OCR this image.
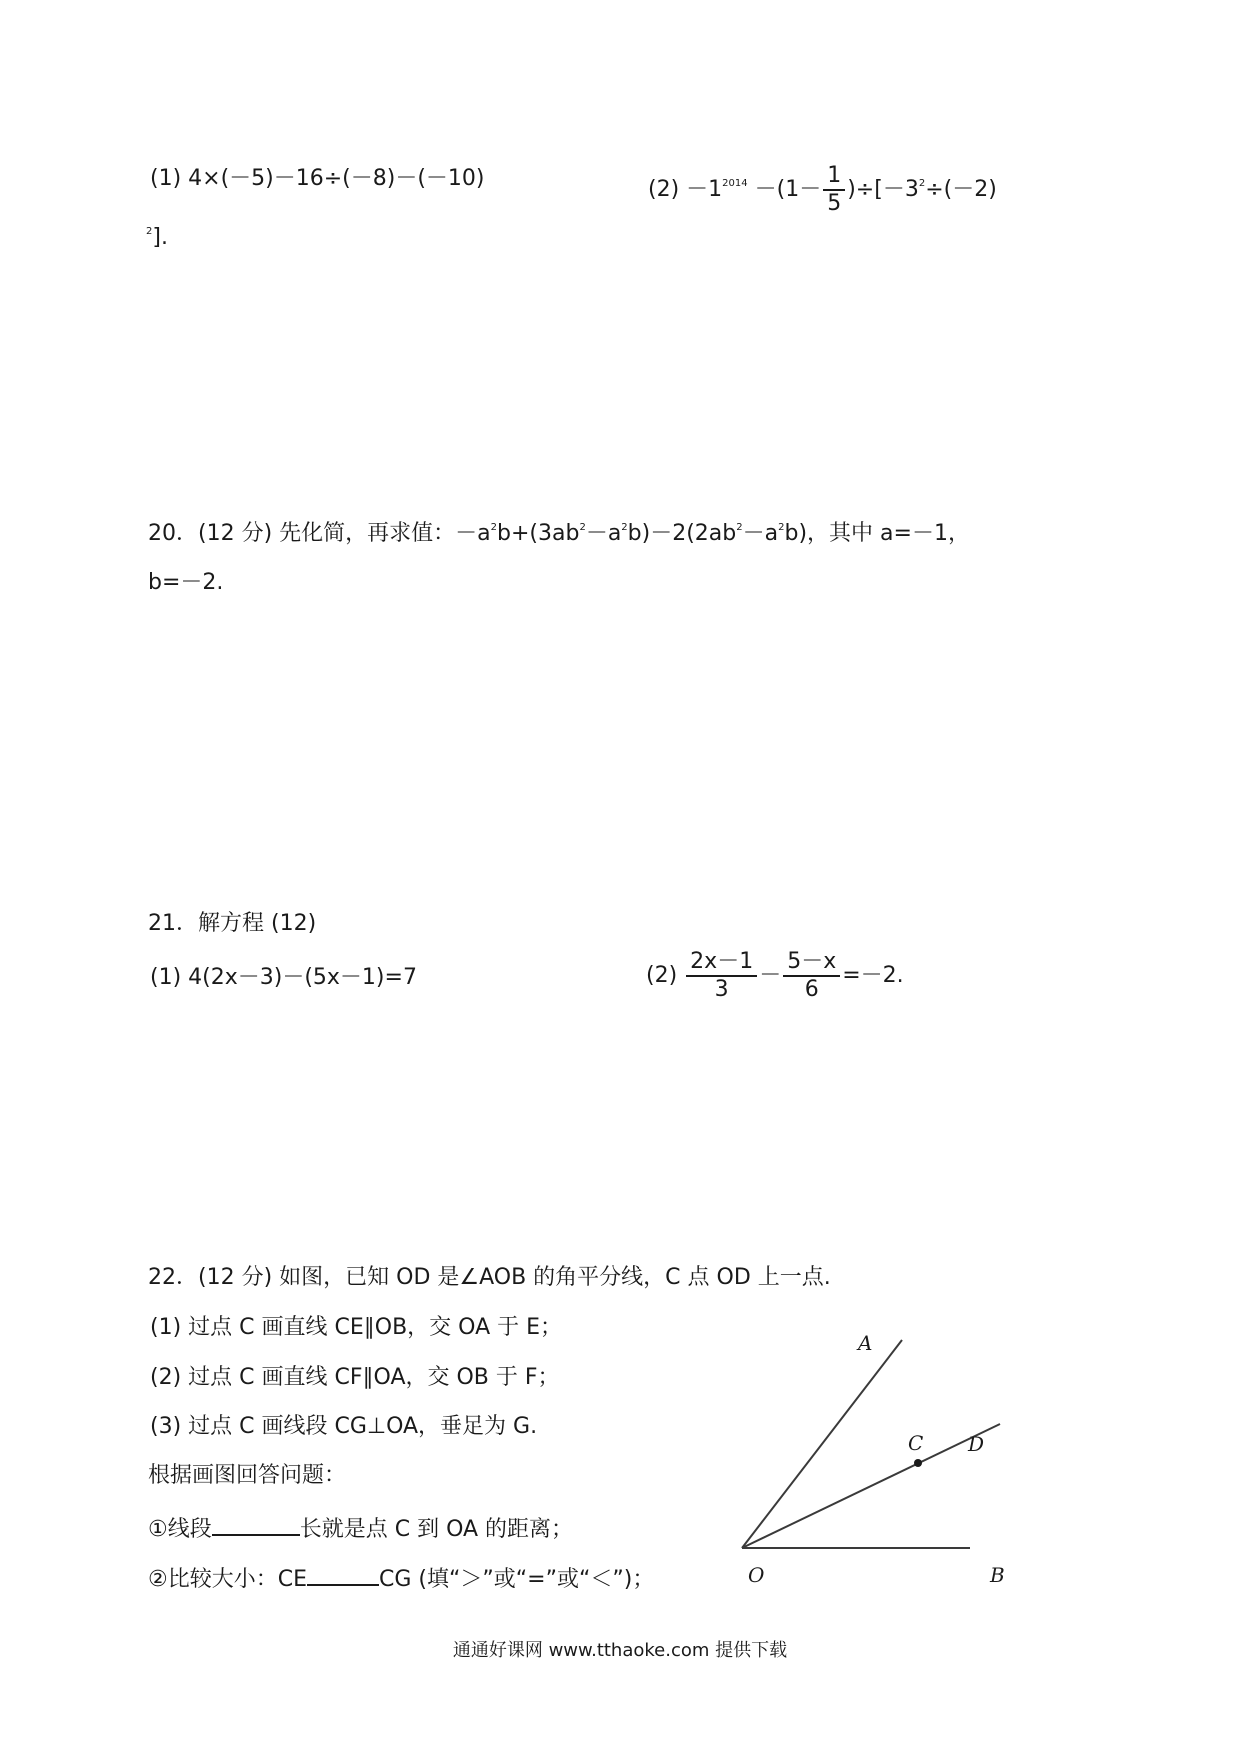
(1) 4×(－5)－16÷(－8)－(－10)	$(2) -1^{2014} -(1- \frac{1}{5} )\div[-3^2\div(-2)$
$^2$].
20．(12 分) 先化简，再求值：$-a^2b+(3ab^2-a^2b)-2(2ab^2-a^2b)$，其中 a=－1，
b=－2.
21．解方程 (12)
(1) 4(2x－3)－(5x－1)=7	$(2) \frac{2x-1}{3} - \frac{5-x}{6} =-2$.
22．(12 分) 如图，已知 OD 是∠AOB 的角平分线，C 点 OD 上一点.
(1) 过点 C 画直线 CE∥OB，交 OA 于 E；
(2) 过点 C 画直线 CF∥OA，交 OB 于 F；
(3) 过点 C 画线段 CG⊥OA，垂足为 G.
根据画图回答问题：
①线段	长就是点 C 到 OA 的距离；
②比较大小：CE	CG (填“＞”或“=”或“＜”)；
A
C D
O	B
通通好课网 www.tthaoke.com 提供下载
